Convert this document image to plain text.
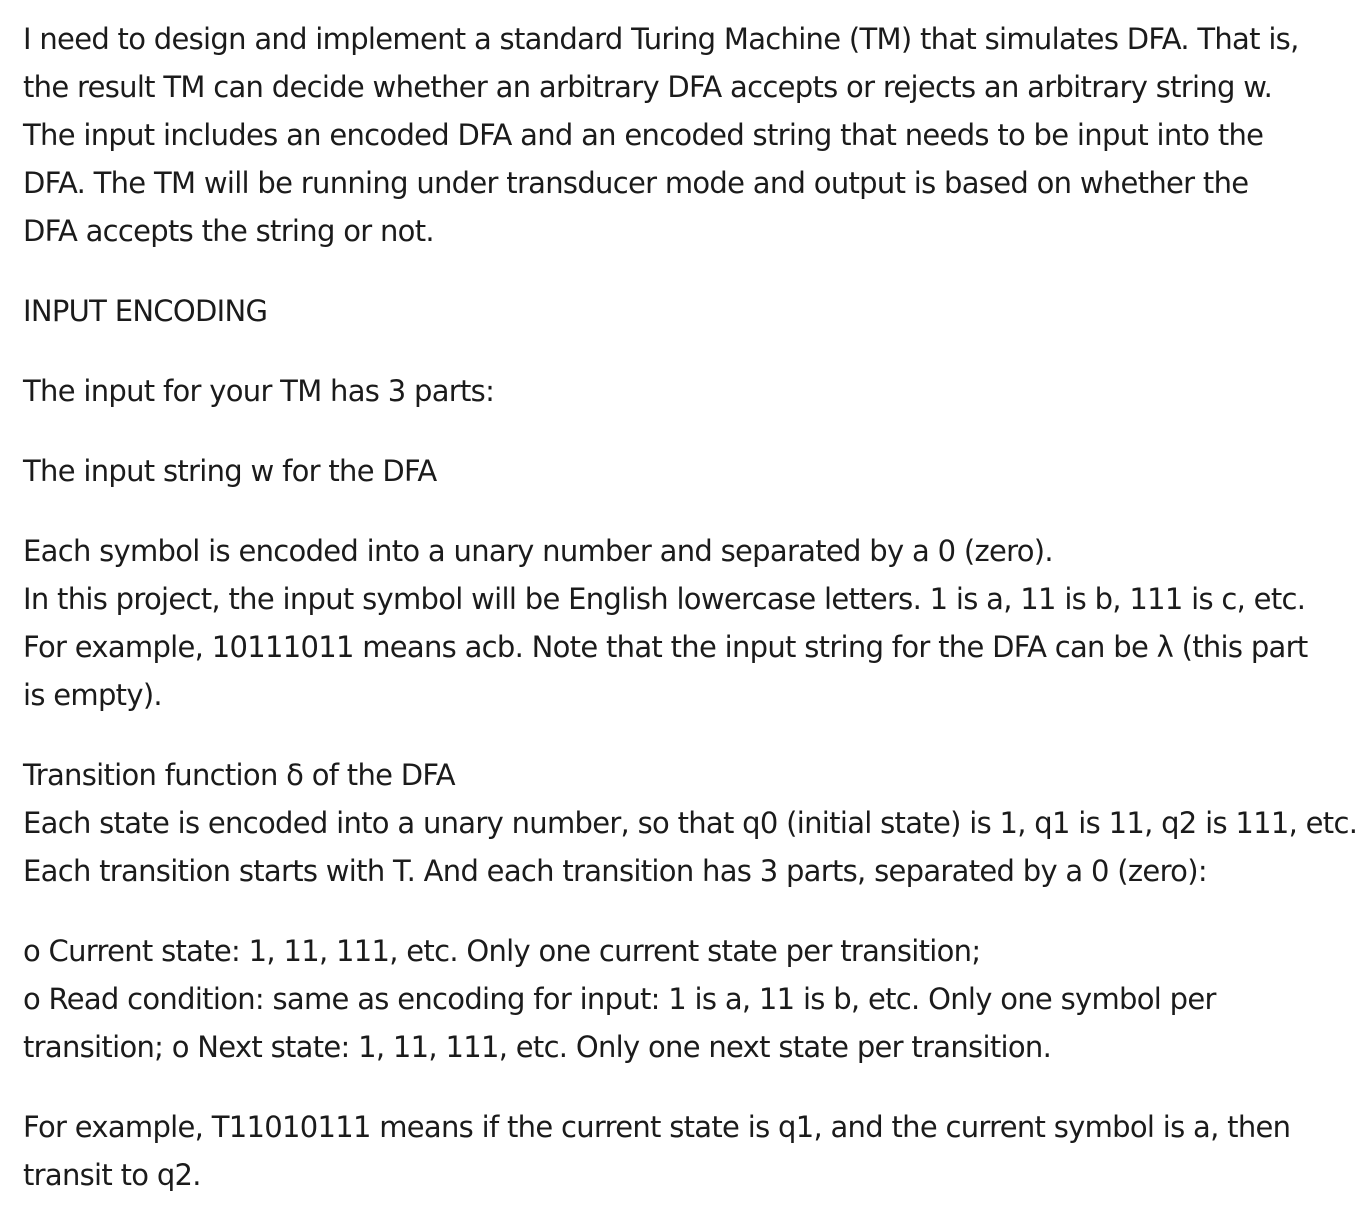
I need to design and implement a standard Turing Machine (TM) that simulates DFA. That is,
the result TM can decide whether an arbitrary DFA accepts or rejects an arbitrary string w.
The input includes an encoded DFA and an encoded string that needs to be input into the
DFA. The TM will be running under transducer mode and output is based on whether the
DFA accepts the string or not.
INPUT ENCODING
The input for your TM has 3 parts:
The input string w for the DFA
Each symbol is encoded into a unary number and separated by a 0 (zero).
In this project, the input symbol will be English lowercase letters. 1 is a, 11 is b, 111 is c, etc.
For example, 10111011 means acb. Note that the input string for the DFA can be λ (this part
is empty).
Transition function δ of the DFA
Each state is encoded into a unary number, so that q0 (initial state) is 1, q1 is 11, q2 is 111, etc.
Each transition starts with T. And each transition has 3 parts, separated by a 0 (zero):
o Current state: 1, 11, 111, etc. Only one current state per transition;
o Read condition: same as encoding for input: 1 is a, 11 is b, etc. Only one symbol per
transition; o Next state: 1, 11, 111, etc. Only one next state per transition.
For example, T11010111 means if the current state is q1, and the current symbol is a, then
transit to q2.
